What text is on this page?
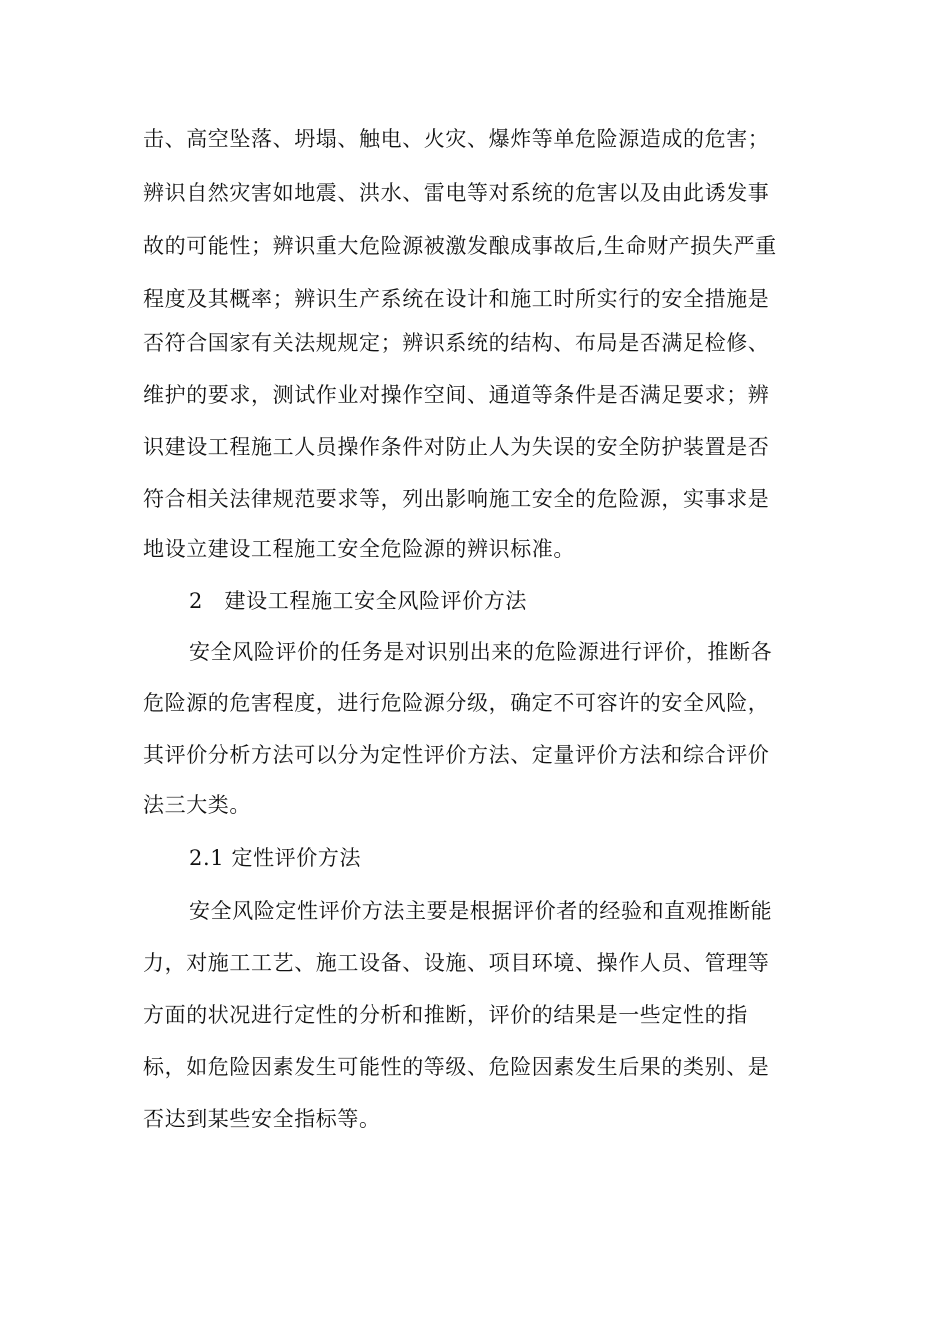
击、高空坠落、坍塌、触电、火灾、爆炸等单危险源造成的危害；
辨识自然灾害如地震、洪水、雷电等对系统的危害以及由此诱发事
故的可能性；辨识重大危险源被激发酿成事故后,生命财产损失严重
程度及其概率；辨识生产系统在设计和施工时所实行的安全措施是
否符合国家有关法规规定；辨识系统的结构、布局是否满足检修、
维护的要求，测试作业对操作空间、通道等条件是否满足要求；辨
识建设工程施工人员操作条件对防止人为失误的安全防护装置是否
符合相关法律规范要求等，列出影响施工安全的危险源，实事求是
地设立建设工程施工安全危险源的辨识标准。
2　建设工程施工安全风险评价方法
安全风险评价的任务是对识别出来的危险源进行评价，推断各
危险源的危害程度，进行危险源分级，确定不可容许的安全风险，
其评价分析方法可以分为定性评价方法、定量评价方法和综合评价
法三大类。
2.1 定性评价方法
安全风险定性评价方法主要是根据评价者的经验和直观推断能
力，对施工工艺、施工设备、设施、项目环境、操作人员、管理等
方面的状况进行定性的分析和推断，评价的结果是一些定性的指
标，如危险因素发生可能性的等级、危险因素发生后果的类别、是
否达到某些安全指标等。
